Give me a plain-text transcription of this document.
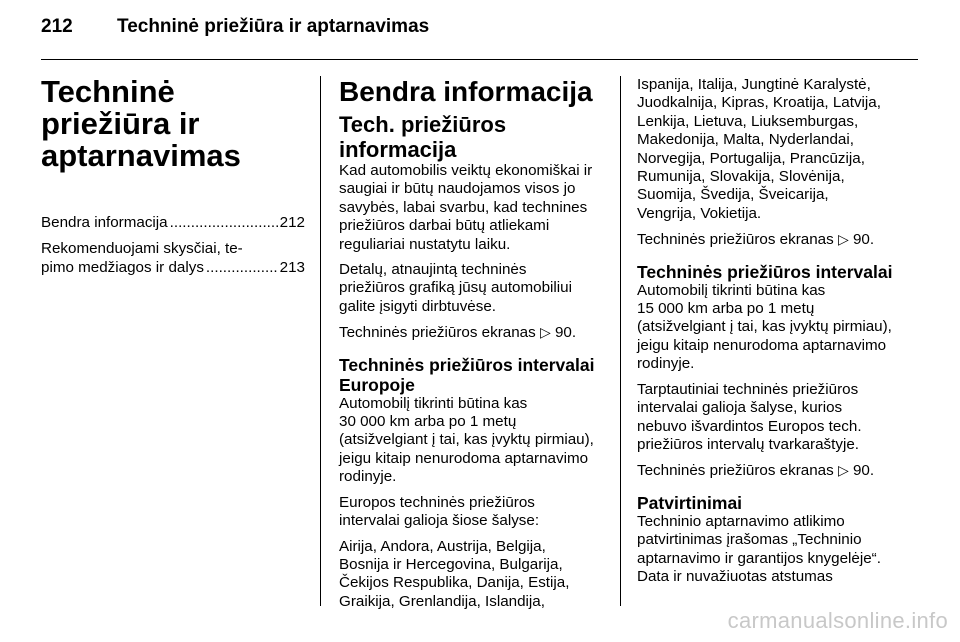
212 Techninė priežiūra ir aptarnavimas
Techninė priežiūra ir
aptarnavimas
Bendra informacija .....	212
Rekomenduojami skysčiai, te-
pimo medžiagos ir dalys .....	213
Bendra informacija
Tech. priežiūros
informacija

Kad automobilis veiktų ekonomiškai ir
saugiai ir būtų naudojamos visos jo
savybės, labai svarbu, kad technines
priežiūros darbai būtų atliekami
reguliariai nustatytu laiku.

Detalų, atnaujintą techninės
priežiūros grafiką jūsų automobiliui
galite įsigyti dirbtuvėse.

Techninės priežiūros ekranas ▷ 90.

Techninės priežiūros intervalai
Europoje

Automobilį tikrinti būtina kas
30 000 km arba po 1 metų
(atsižvelgiant į tai, kas įvyktų pirmiau),
jeigu kitaip nenurodoma aptarnavimo
rodinyje.

Europos techninės priežiūros
intervalai galioja šiose šalyse:

Airija, Andora, Austrija, Belgija,
Bosnija ir Hercegovina, Bulgarija,
Čekijos Respublika, Danija, Estija,
Graikija, Grenlandija, Islandija,

Ispanija, Italija, Jungtinė Karalystė,
Juodkalnija, Kipras, Kroatija, Latvija,
Lenkija, Lietuva, Liuksemburgas,
Makedonija, Malta, Nyderlandai,
Norvegija, Portugalija, Prancūzija,
Rumunija, Slovakija, Slovėnija,
Suomija, Švedija, Šveicarija,
Vengrija, Vokietija.

Techninės priežiūros ekranas ▷ 90.

Techninės priežiūros intervalai

Automobilį tikrinti būtina kas
15 000 km arba po 1 metų
(atsižvelgiant į tai, kas įvyktų pirmiau),
jeigu kitaip nenurodoma aptarnavimo
rodinyje.

Tarptautiniai techninės priežiūros
intervalai galioja šalyse, kurios
nebuvo išvardintos Europos tech.
priežiūros intervalų tvarkaraštyje.

Techninės priežiūros ekranas ▷ 90.

Patvirtinimai

Techninio aptarnavimo atlikimo
patvirtinimas įrašomas „Techninio
aptarnavimo ir garantijos knygelėje“.
Data ir nuvažiuotas atstumas

carmanualsonline.info
